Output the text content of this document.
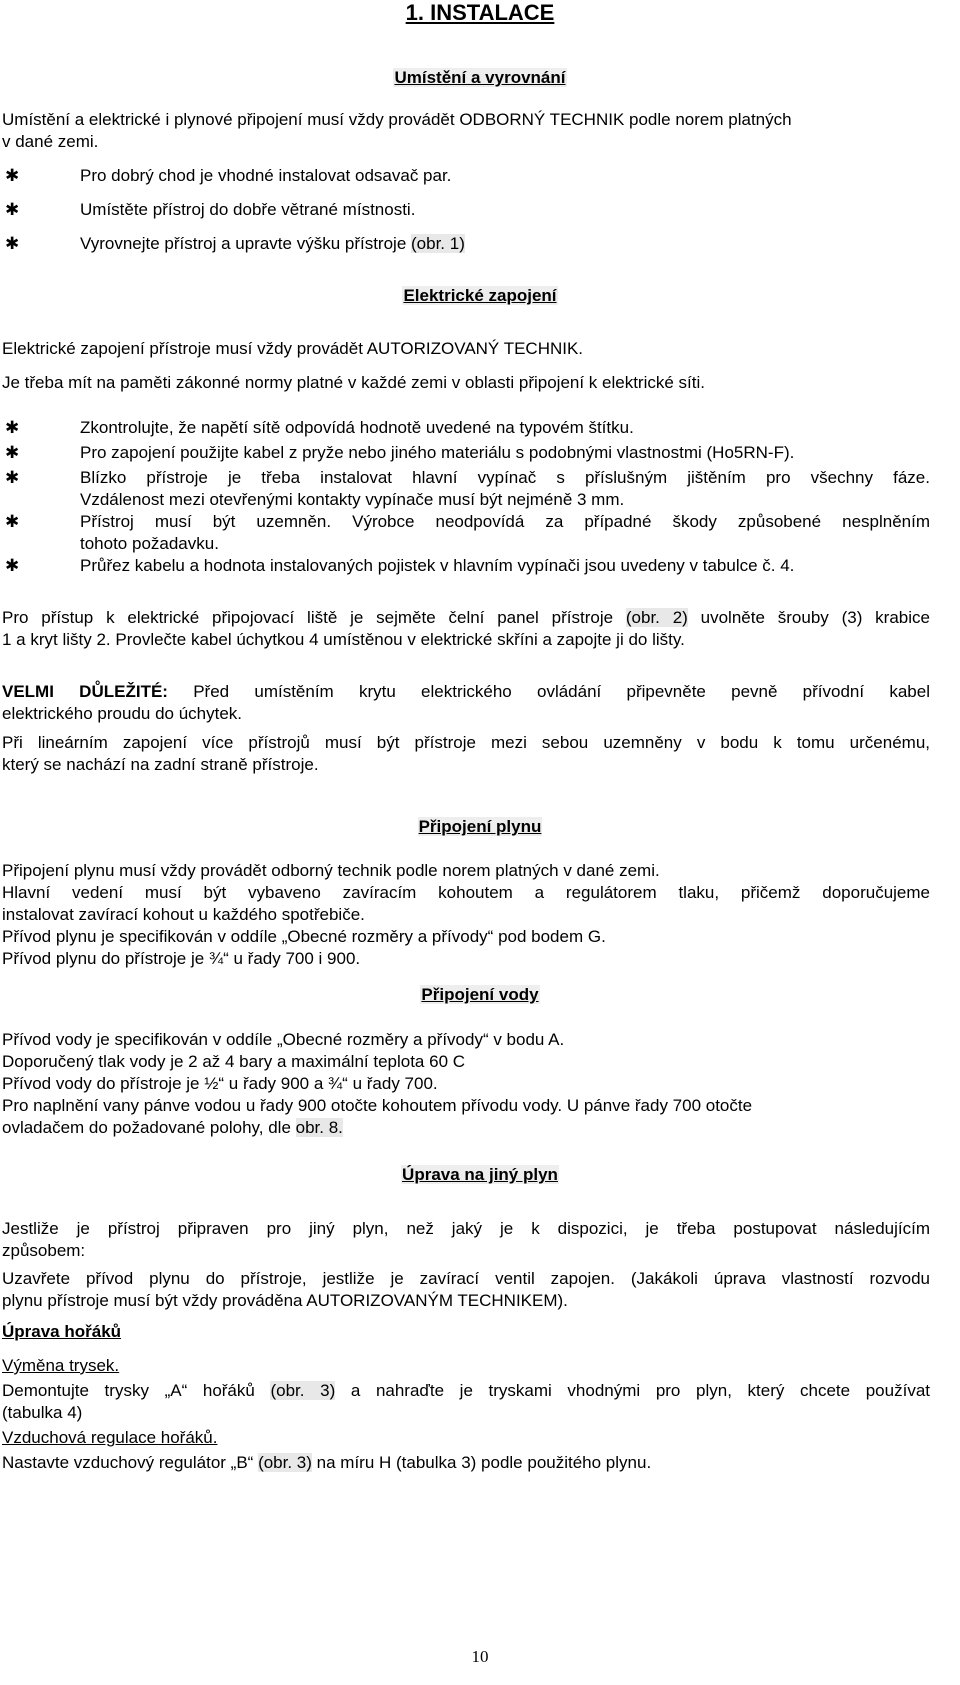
1. INSTALACE
Umístění a vyrovnání
Umístění a elektrické i plynové připojení musí vždy provádět ODBORNÝ TECHNIK podle norem platných
v dané zemi.
✱	Pro dobrý chod je vhodné instalovat odsavač par.
✱	Umístěte přístroj do dobře větrané místnosti.
✱	Vyrovnejte přístroj a upravte výšku přístroje (obr. 1)
Elektrické zapojení
Elektrické zapojení přístroje musí vždy provádět AUTORIZOVANÝ TECHNIK.
Je třeba mít na paměti zákonné normy platné v každé zemi v oblasti připojení k elektrické síti.
✱	Zkontrolujte, že napětí sítě odpovídá hodnotě uvedené na typovém štítku.
✱	Pro zapojení použijte kabel z pryže nebo jiného materiálu s podobnými vlastnostmi (Ho5RN-F).
✱	Blízko přístroje je třeba instalovat hlavní vypínač s příslušným jištěním pro všechny fáze.
Vzdálenost mezi otevřenými kontakty vypínače musí být nejméně 3 mm.
✱	Přístroj musí být uzemněn. Výrobce neodpovídá za případné škody způsobené nesplněním
tohoto požadavku.
✱	Průřez kabelu a hodnota instalovaných pojistek v hlavním vypínači jsou uvedeny v tabulce č. 4.
Pro přístup k elektrické připojovací liště je sejměte čelní panel přístroje (obr. 2) uvolněte šrouby (3) krabice
1 a kryt lišty 2. Provlečte kabel úchytkou 4 umístěnou v elektrické skříni a zapojte ji do lišty.
VELMI DŮLEŽITÉ: Před umístěním krytu elektrického ovládání připevněte pevně přívodní kabel
elektrického proudu do úchytek.
Při lineárním zapojení více přístrojů musí být přístroje mezi sebou uzemněny v bodu k tomu určenému,
který se nachází na zadní straně přístroje.
Připojení plynu
Připojení plynu musí vždy provádět odborný technik podle norem platných v dané zemi.
Hlavní vedení musí být vybaveno zavíracím kohoutem a regulátorem tlaku, přičemž doporučujeme
instalovat zavírací kohout u každého spotřebiče.
Přívod plynu je specifikován v oddíle „Obecné rozměry a přívody“ pod bodem G.
Přívod plynu do přístroje je ¾“ u řady 700 i 900.
Připojení vody
Přívod vody je specifikován v oddíle „Obecné rozměry a přívody“ v bodu A.
Doporučený tlak vody je 2 až 4 bary a maximální teplota 60 C
Přívod vody do přístroje je ½“ u řady 900 a ¾“ u řady 700.
Pro naplnění vany pánve vodou u řady 900 otočte kohoutem přívodu vody. U pánve řady 700 otočte
ovladačem do požadované polohy, dle obr. 8.
Úprava na jiný plyn
Jestliže je přístroj připraven pro jiný plyn, než jaký je k dispozici, je třeba postupovat následujícím
způsobem:
Uzavřete přívod plynu do přístroje, jestliže je zavírací ventil zapojen. (Jakákoli úprava vlastností rozvodu
plynu přístroje musí být vždy prováděna AUTORIZOVANÝM TECHNIKEM).
Úprava hořáků
Výměna trysek.
Demontujte trysky „A“ hořáků (obr. 3) a nahraďte je tryskami vhodnými pro plyn, který chcete používat
(tabulka 4)
Vzduchová regulace hořáků.
Nastavte vzduchový regulátor „B“ (obr. 3) na míru H (tabulka 3) podle použitého plynu.
10
